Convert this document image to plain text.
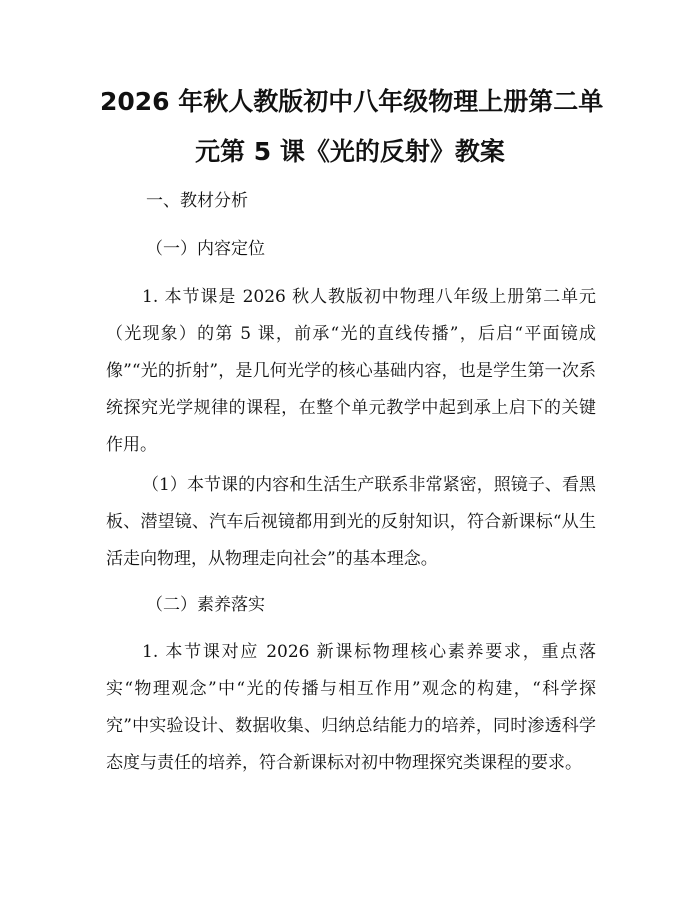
2026 年秋人教版初中八年级物理上册第二单
元第 5 课《光的反射》教案
一、教材分析
（一）内容定位

1. 本节课是 2026 秋人教版初中物理八年级上册第二单元（光现象）的第 5 课，前承“光的直线传播”，后启“平面镜成像”“光的折射”，是几何光学的核心基础内容，也是学生第一次系统探究光学规律的课程，在整个单元教学中起到承上启下的关键作用。

（1）本节课的内容和生活生产联系非常紧密，照镜子、看黑板、潜望镜、汽车后视镜都用到光的反射知识，符合新课标“从生活走向物理，从物理走向社会”的基本理念。

（二）素养落实

1. 本节课对应 2026 新课标物理核心素养要求，重点落实“物理观念”中“光的传播与相互作用”观念的构建，“科学探究”中实验设计、数据收集、归纳总结能力的培养，同时渗透科学态度与责任的培养，符合新课标对初中物理探究类课程的要求。
